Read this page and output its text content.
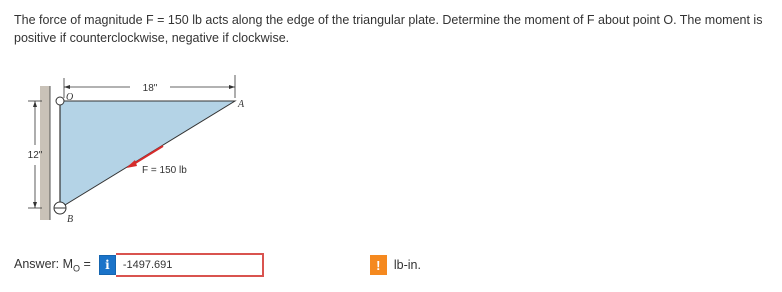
The force of magnitude F = 150 lb acts along the edge of the triangular plate. Determine the moment of F about point O. The moment is positive if counterclockwise, negative if clockwise.
18"
12"
O
A
B
F = 150 lb
Answer: $M_O$ =	i
-1497.691	!	lb-in.
